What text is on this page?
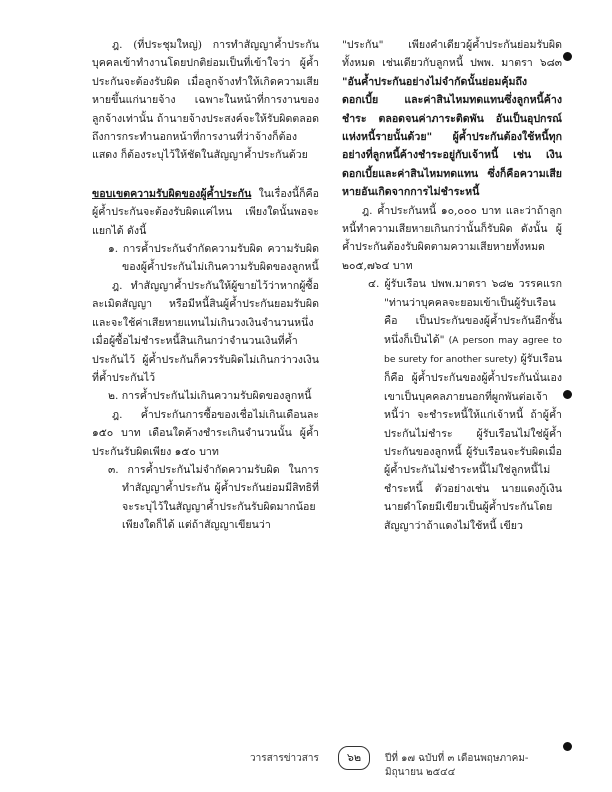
ฎ. (ที่ประชุมใหญ่) การทำสัญญาค้ำประกันบุคคลเข้าทำงานโดยปกติย่อมเป็นที่เข้าใจว่า ผู้ค้ำประกันจะต้องรับผิด เมื่อลูกจ้างทำให้เกิดความเสียหายขึ้นแก่นายจ้าง เฉพาะในหน้าที่การงานของลูกจ้างเท่านั้น ถ้านายจ้างประสงค์จะให้รับผิดตลอดถึงการกระทำนอกหน้าที่การงานที่ว่าจ้างก็ต้องแสดง ก็ต้องระบุไว้ให้ชัดในสัญญาค้ำประกันด้วย

ขอบเขตความรับผิดของผู้ค้ำประกัน ในเรื่องนี้ก็คือ ผู้ค้ำประกันจะต้องรับผิดแค่ไหน เพียงใดนั้นพอจะแยกได้ ดังนี้

๑. การค้ำประกันจำกัดความรับผิด ความรับผิดของผู้ค้ำประกันไม่เกินความรับผิดของลูกหนี้

ฎ. ทำสัญญาค้ำประกันให้ผู้ขายไว้ว่าหากผู้ซื้อละเมิดสัญญา หรือมีหนี้สินผู้ค้ำประกันยอมรับผิดและจะใช้ค่าเสียหายแทนไม่เกินวงเงินจำนวนหนึ่ง เมื่อผู้ซื้อไม่ชำระหนี้สินเกินกว่าจำนวนเงินที่ค้ำประกันไว้ ผู้ค้ำประกันก็ควรรับผิดไม่เกินกว่าวงเงินที่ค้ำประกันไว้

๒. การค้ำประกันไม่เกินความรับผิดของลูกหนี้

ฎ. ค้ำประกันการซื้อของเชื่อไม่เกินเดือนละ ๑๕๐ บาท เดือนใดค้างชำระเกินจำนวนนั้น ผู้ค้ำประกันรับผิดเพียง ๑๕๐ บาท

๓. การค้ำประกันไม่จำกัดความรับผิด ในการทำสัญญาค้ำประกัน ผู้ค้ำประกันย่อมมีสิทธิที่จะระบุไว้ในสัญญาค้ำประกันรับผิดมากน้อยเพียงใดก็ได้ แต่ถ้าสัญญาเขียนว่า

"ประกัน" เพียงคำเดียวผู้ค้ำประกันย่อมรับผิดทั้งหมด เช่นเดียวกับลูกหนี้ ปพพ. มาตรา ๖๘๓ "อันค้ำประกันอย่างไม่จำกัดนั้นย่อมคุ้มถึงดอกเบี้ย และค่าสินไหมทดแทนซึ่งลูกหนี้ค้างชำระ ตลอดจนค่าภาระติดพัน อันเป็นอุปกรณ์แห่งหนี้รายนั้นด้วย" ผู้ค้ำประกันต้องใช้หนี้ทุกอย่างที่ลูกหนี้ค้างชำระอยู่กับเจ้าหนี้ เช่น เงินดอกเบี้ยและค่าสินไหมทดแทน ซึ่งก็คือความเสียหายอันเกิดจากการไม่ชำระหนี้

ฎ. ค้ำประกันหนี้ ๑๐,๐๐๐ บาท และว่าถ้าลูกหนี้ทำความเสียหายเกินกว่านั้นก็รับผิด ดังนั้น ผู้ค้ำประกันต้องรับผิดตามความเสียหายทั้งหมด ๒๐๕,๗๖๔ บาท

๔. ผู้รับเรือน ปพพ.มาตรา ๖๘๒ วรรคแรก "ท่านว่าบุคคลจะยอมเข้าเป็นผู้รับเรือนคือ เป็นประกันของผู้ค้ำประกันอีกชั้นหนึ่งก็เป็นได้" (A person may agree to be surety for another surety) ผู้รับเรือนก็คือ ผู้ค้ำประกันของผู้ค้ำประกันนั่นเอง เขาเป็นบุคคลภายนอกที่ผูกพันต่อเจ้าหนี้ว่า จะชำระหนี้ให้แก่เจ้าหนี้ ถ้าผู้ค้ำประกันไม่ชำระ ผู้รับเรือนไม่ใช่ผู้ค้ำประกันของลูกหนี้ ผู้รับเรือนจะรับผิดเมื่อผู้ค้ำประกันไม่ชำระหนี้ไม่ใช่ลูกหนี้ไม่ชำระหนี้ ตัวอย่างเช่น นายแดงกู้เงินนายดำโดยมีเขียวเป็นผู้ค้ำประกันโดยสัญญาว่าถ้าแดงไม่ใช้หนี้ เขียว

วารสารข่าวสาร	๖๒	ปีที่ ๑๗ ฉบับที่ ๓ เดือนพฤษภาคม-มิถุนายน ๒๕๔๔
